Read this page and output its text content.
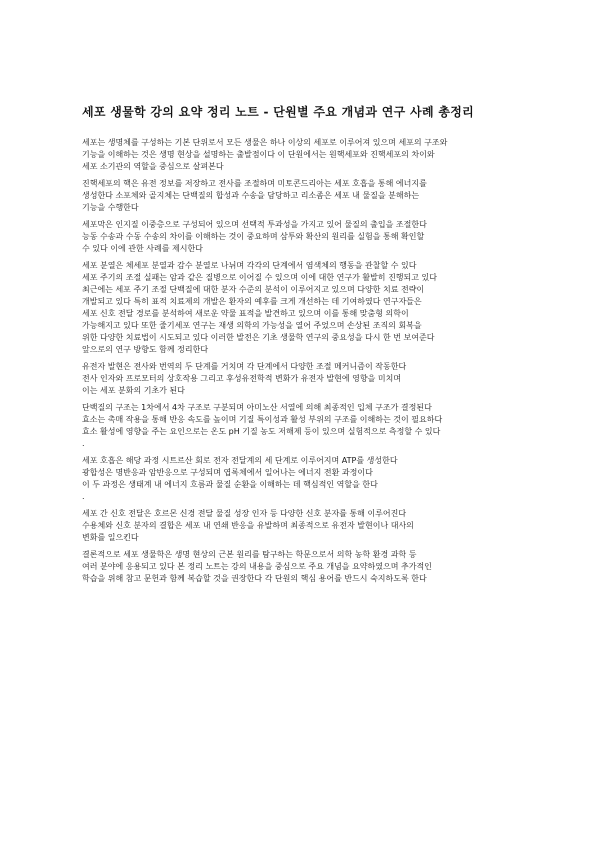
세포 생물학 강의 요약 정리 노트 - 단원별 주요 개념과 연구 사례 총정리
세포는 생명체를 구성하는 기본 단위로서 모든 생물은 하나 이상의 세포로 이루어져 있으며 세포의 구조와
기능을 이해하는 것은 생명 현상을 설명하는 출발점이다 이 단원에서는 원핵세포와 진핵세포의 차이와
세포 소기관의 역할을 중심으로 살펴본다
진핵세포의 핵은 유전 정보를 저장하고 전사를 조절하며 미토콘드리아는 세포 호흡을 통해 에너지를
생성한다 소포체와 골지체는 단백질의 합성과 수송을 담당하고 리소좀은 세포 내 물질을 분해하는
기능을 수행한다
세포막은 인지질 이중층으로 구성되어 있으며 선택적 투과성을 가지고 있어 물질의 출입을 조절한다
능동 수송과 수동 수송의 차이를 이해하는 것이 중요하며 삼투와 확산의 원리를 실험을 통해 확인할
수 있다 이에 관한 사례를 제시한다
세포 분열은 체세포 분열과 감수 분열로 나뉘며 각각의 단계에서 염색체의 행동을 관찰할 수 있다
세포 주기의 조절 실패는 암과 같은 질병으로 이어질 수 있으며 이에 대한 연구가 활발히 진행되고 있다
최근에는 세포 주기 조절 단백질에 대한 분자 수준의 분석이 이루어지고 있으며 다양한 치료 전략이
개발되고 있다 특히 표적 치료제의 개발은 환자의 예후를 크게 개선하는 데 기여하였다 연구자들은
세포 신호 전달 경로를 분석하여 새로운 약물 표적을 발견하고 있으며 이를 통해 맞춤형 의학이
가능해지고 있다 또한 줄기세포 연구는 재생 의학의 가능성을 열어 주었으며 손상된 조직의 회복을
위한 다양한 치료법이 시도되고 있다 이러한 발전은 기초 생물학 연구의 중요성을 다시 한 번 보여준다
앞으로의 연구 방향도 함께 정리한다
유전자 발현은 전사와 번역의 두 단계를 거치며 각 단계에서 다양한 조절 메커니즘이 작동한다
전사 인자와 프로모터의 상호작용 그리고 후성유전학적 변화가 유전자 발현에 영향을 미치며
이는 세포 분화의 기초가 된다
단백질의 구조는 1차에서 4차 구조로 구분되며 아미노산 서열에 의해 최종적인 입체 구조가 결정된다
효소는 촉매 작용을 통해 반응 속도를 높이며 기질 특이성과 활성 부위의 구조를 이해하는 것이 필요하다
효소 활성에 영향을 주는 요인으로는 온도 pH 기질 농도 저해제 등이 있으며 실험적으로 측정할 수 있다
.
세포 호흡은 해당 과정 시트르산 회로 전자 전달계의 세 단계로 이루어지며 ATP를 생성한다
광합성은 명반응과 암반응으로 구성되며 엽록체에서 일어나는 에너지 전환 과정이다
이 두 과정은 생태계 내 에너지 흐름과 물질 순환을 이해하는 데 핵심적인 역할을 한다
.
세포 간 신호 전달은 호르몬 신경 전달 물질 성장 인자 등 다양한 신호 분자를 통해 이루어진다
수용체와 신호 분자의 결합은 세포 내 연쇄 반응을 유발하며 최종적으로 유전자 발현이나 대사의
변화를 일으킨다
결론적으로 세포 생물학은 생명 현상의 근본 원리를 탐구하는 학문으로서 의학 농학 환경 과학 등
여러 분야에 응용되고 있다 본 정리 노트는 강의 내용을 중심으로 주요 개념을 요약하였으며 추가적인
학습을 위해 참고 문헌과 함께 복습할 것을 권장한다 각 단원의 핵심 용어를 반드시 숙지하도록 한다
